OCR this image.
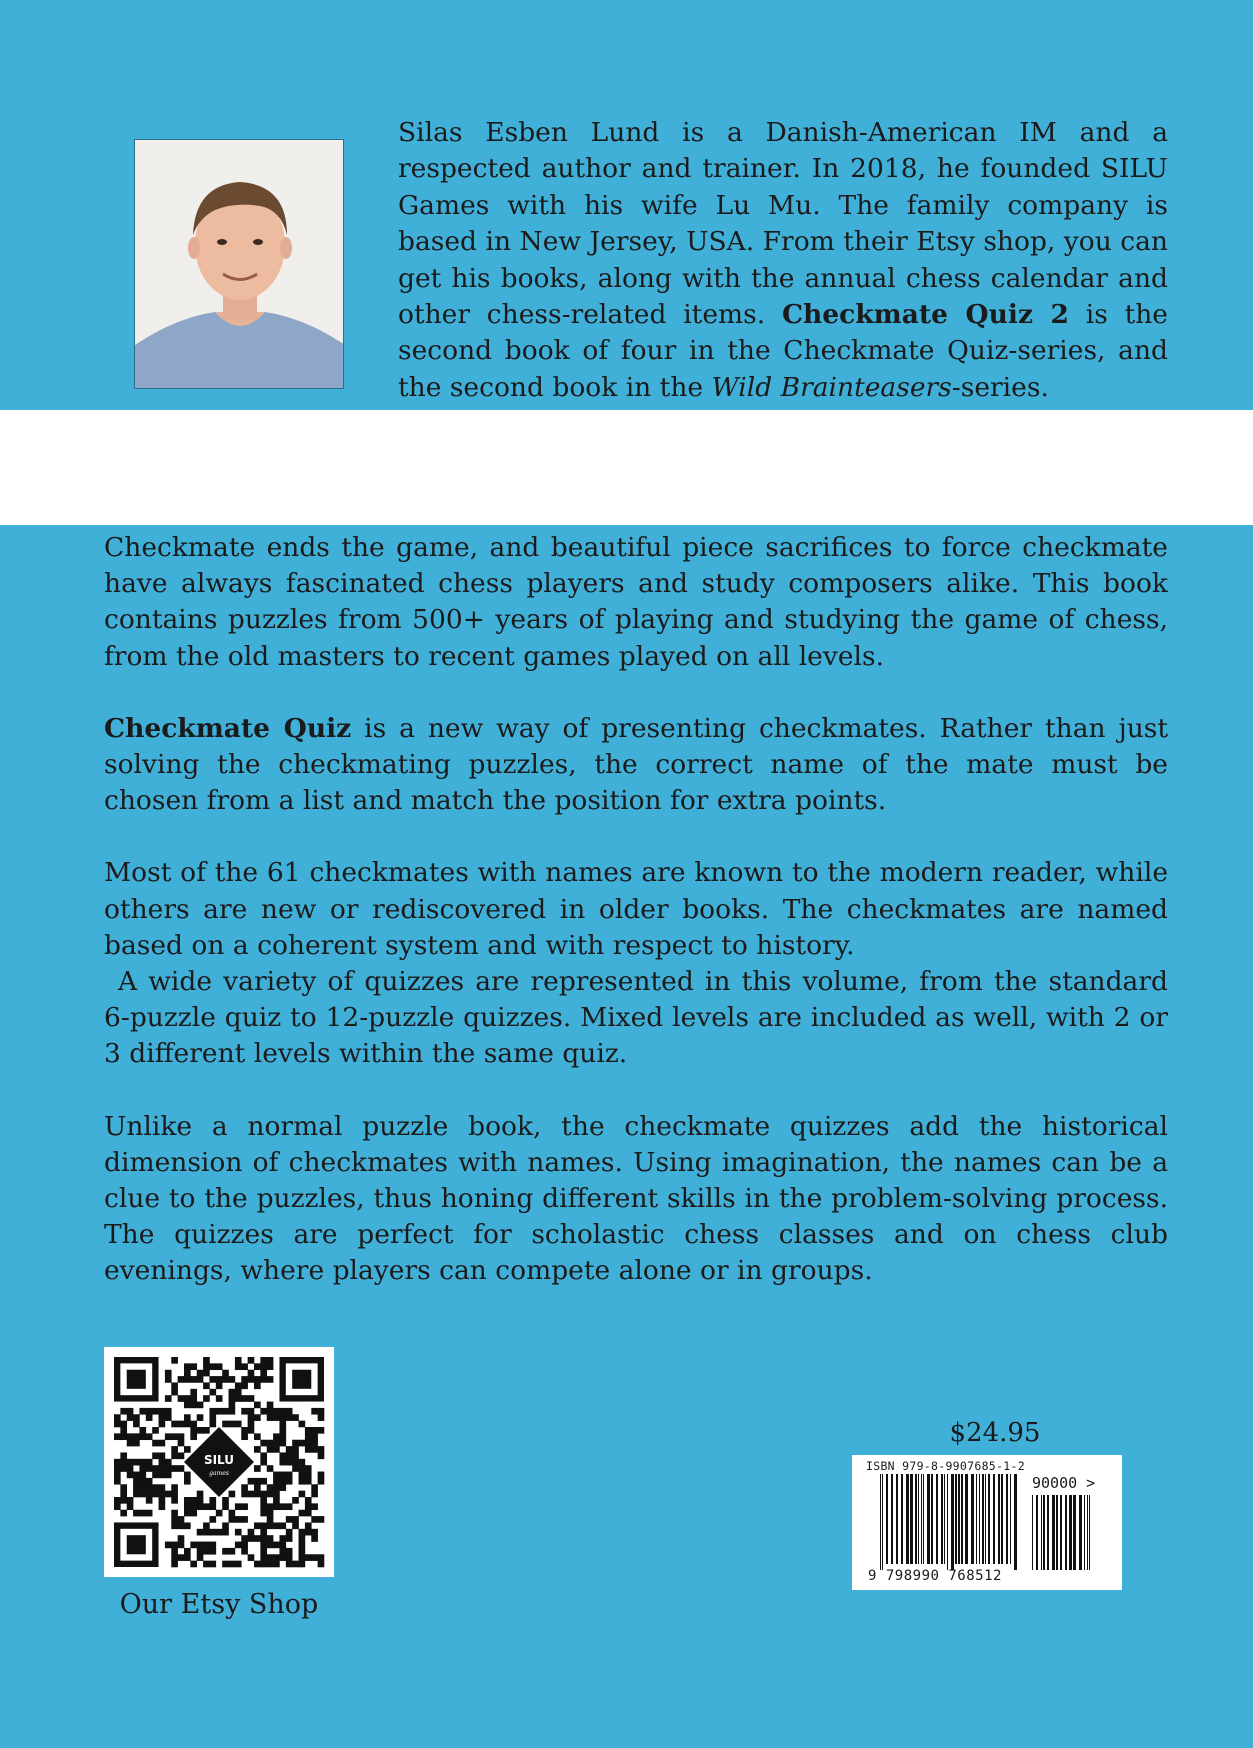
Silas Esben Lund is a Danish-American IM and a respected author and trainer. In 2018, he founded SILU Games with his wife Lu Mu. The family company is based in New Jersey, USA. From their Etsy shop, you can get his books, along with the annual chess calendar and other chess-related items. Checkmate Quiz 2 is the second book of four in the Checkmate Quiz-series, and the second book in the Wild Brainteasers-series.

Checkmate ends the game, and beautiful piece sacrifices to force checkmate have always fascinated chess players and study composers alike. This book contains puzzles from 500+ years of playing and studying the game of chess, from the old masters to recent games played on all levels.

Checkmate Quiz is a new way of presenting checkmates. Rather than just solving the checkmating puzzles, the correct name of the mate must be chosen from a list and match the position for extra points.

Most of the 61 checkmates with names are known to the modern reader, while others are new or rediscovered in older books. The checkmates are named based on a coherent system and with respect to history.

A wide variety of quizzes are represented in this volume, from the standard 6-puzzle quiz to 12-puzzle quizzes. Mixed levels are included as well, with 2 or 3 different levels within the same quiz.

Unlike a normal puzzle book, the checkmate quizzes add the historical dimension of checkmates with names. Using imagination, the names can be a clue to the puzzles, thus honing different skills in the problem-solving process. The quizzes are perfect for scholastic chess classes and on chess club evenings, where players can compete alone or in groups.

SILU
games
Our Etsy Shop
$24.95
ISBN 979-8-9907685-1-2
90000 >
9 798990 768512
